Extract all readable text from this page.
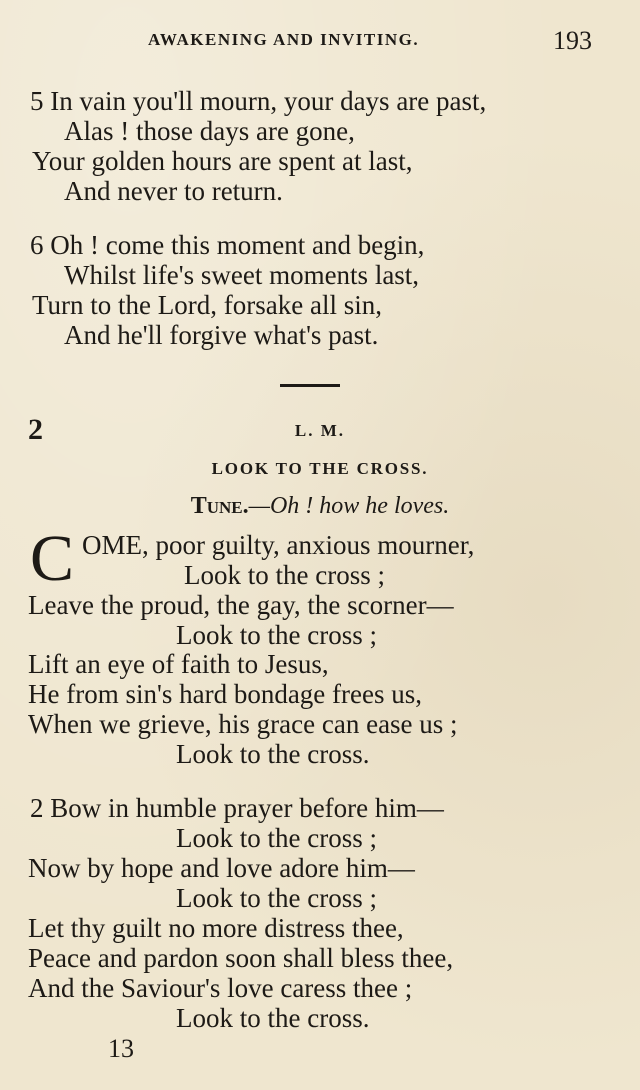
AWAKENING AND INVITING.	193
5 In vain you'll mourn, your days are past,
Alas ! those days are gone,
Your golden hours are spent at last,
And never to return.
6 Oh ! come this moment and begin,
Whilst life's sweet moments last,
Turn to the Lord, forsake all sin,
And he'll forgive what's past.
2	L. M.
LOOK TO THE CROSS.
Tune.—Oh ! how he loves.
C OME, poor guilty, anxious mourner,
Look to the cross ;
Leave the proud, the gay, the scorner—
Look to the cross ;
Lift an eye of faith to Jesus,
He from sin's hard bondage frees us,
When we grieve, his grace can ease us ;
Look to the cross.
2 Bow in humble prayer before him—
Look to the cross ;
Now by hope and love adore him—
Look to the cross ;
Let thy guilt no more distress thee,
Peace and pardon soon shall bless thee,
And the Saviour's love caress thee ;
Look to the cross.
13
